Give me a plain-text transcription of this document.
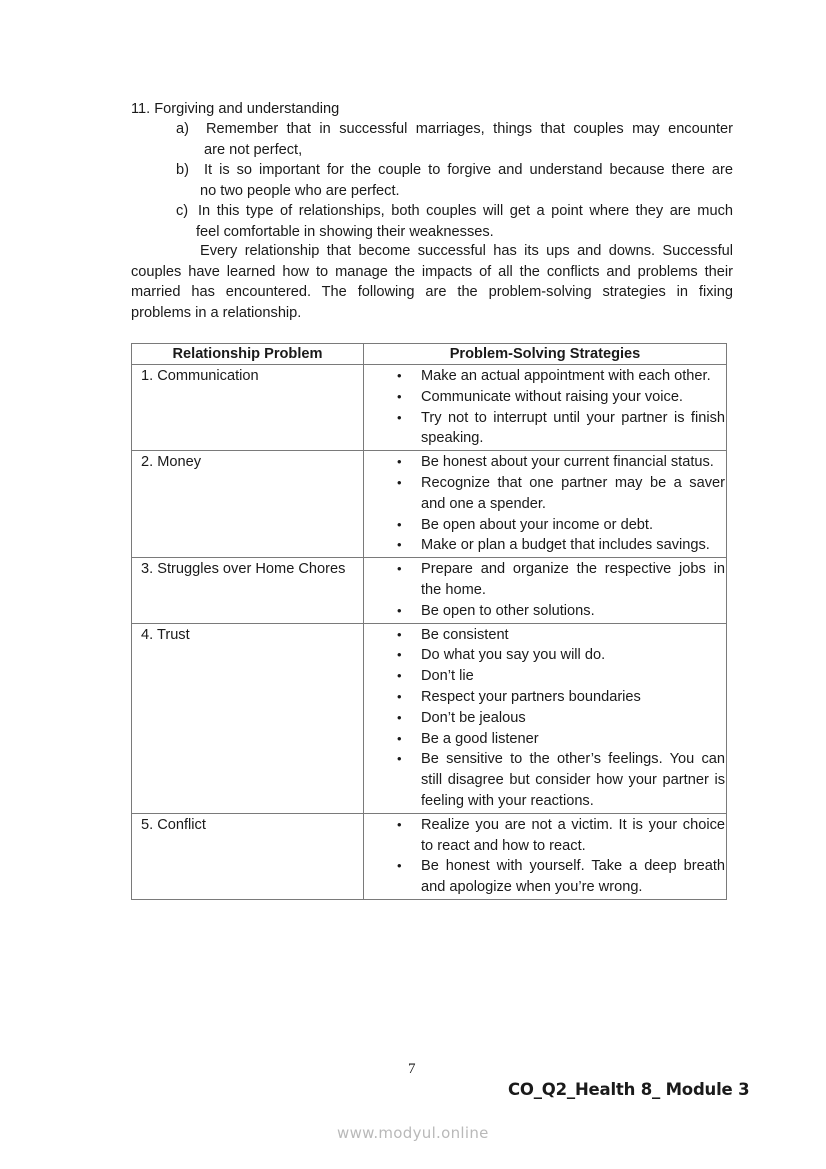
11. Forgiving and understanding
a) Remember that in successful marriages, things that couples may encounter
are not perfect,
b) It is so important for the couple to forgive and understand because there are
no two people who are perfect.
c) In this type of relationships, both couples will get a point where they are much
feel comfortable in showing their weaknesses.
Every relationship that become successful has its ups and downs. Successful
couples have learned how to manage the impacts of all the conflicts and problems their
married has encountered. The following are the problem-solving strategies in fixing
problems in a relationship.
Relationship Problem	Problem-Solving Strategies
1. Communication	• Make an actual appointment with each other.
• Communicate without raising your voice.
• Try not to interrupt until your partner is finish speaking.

2. Money	• Be honest about your current financial status.
• Recognize that one partner may be a saver and one a spender.
• Be open about your income or debt.
• Make or plan a budget that includes savings.

3. Struggles over Home Chores	• Prepare and organize the respective jobs in the home.
• Be open to other solutions.

4. Trust	• Be consistent
• Do what you say you will do.
• Don’t lie
• Respect your partners boundaries
• Don’t be jealous
• Be a good listener
• Be sensitive to the other’s feelings. You can still disagree but consider how your partner is feeling with your reactions.

5. Conflict	• Realize you are not a victim. It is your choice to react and how to react.
• Be honest with yourself. Take a deep breath and apologize when you’re wrong.
7
CO_Q2_Health 8_ Module 3
www.modyul.online
